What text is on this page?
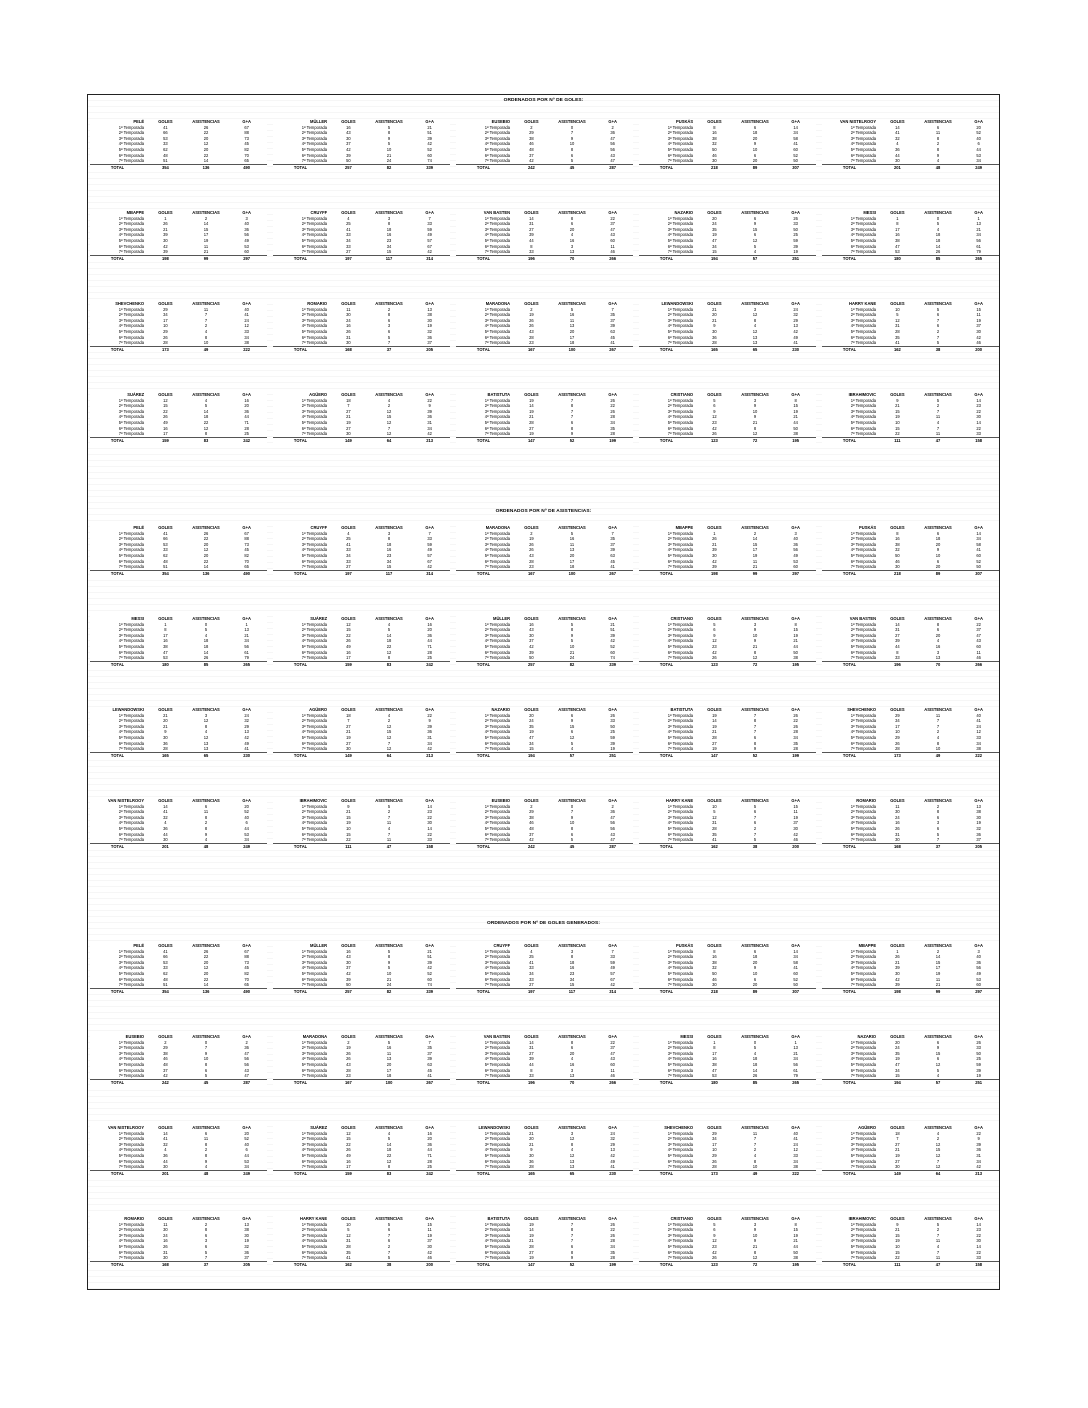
ORDENADOS POR Nº DE GOLES:
PELÉ	GOLES	ASISTENCIAS	G+A
1ª Temporada	41	26	67
2ª Temporada	66	22	88
3ª Temporada	53	20	73
4ª Temporada	33	12	45
5ª Temporada	62	20	82
6ª Temporada	48	22	70
7ª Temporada	51	14	65
TOTAL	354	136	490
MÜLLER	GOLES	ASISTENCIAS	G+A
1ª Temporada	16	5	21
2ª Temporada	43	8	51
3ª Temporada	30	9	39
4ª Temporada	37	5	42
5ª Temporada	42	10	52
6ª Temporada	39	21	60
7ª Temporada	50	24	74
TOTAL	257	82	339
EUSEBIO	GOLES	ASISTENCIAS	G+A
1ª Temporada	2	0	2
2ª Temporada	29	7	36
3ª Temporada	38	9	47
4ª Temporada	46	10	56
5ª Temporada	48	8	56
6ª Temporada	37	6	43
7ª Temporada	42	5	47
TOTAL	242	45	287
PUSKÁS	GOLES	ASISTENCIAS	G+A
1ª Temporada	8	6	14
2ª Temporada	16	18	34
3ª Temporada	38	20	58
4ª Temporada	32	9	41
5ª Temporada	50	10	60
6ª Temporada	46	6	52
7ª Temporada	30	20	50
TOTAL	218	89	307
VAN NISTELROOY	GOLES	ASISTENCIAS	G+A
1ª Temporada	14	6	20
2ª Temporada	41	11	52
3ª Temporada	32	8	40
4ª Temporada	4	2	6
5ª Temporada	36	8	44
6ª Temporada	44	9	53
7ª Temporada	30	4	34
TOTAL	201	48	249
MBAPPE	GOLES	ASISTENCIAS	G+A
1ª Temporada	1	2	3
2ª Temporada	26	14	40
3ª Temporada	21	15	36
4ª Temporada	39	17	56
5ª Temporada	30	19	49
6ª Temporada	42	11	53
7ª Temporada	39	21	60
TOTAL	198	99	297
CRUYFF	GOLES	ASISTENCIAS	G+A
1ª Temporada	4	3	7
2ª Temporada	25	8	33
3ª Temporada	41	18	59
4ª Temporada	33	16	49
5ª Temporada	34	23	57
6ª Temporada	33	34	67
7ª Temporada	27	15	42
TOTAL	197	117	314
VAN BASTEN	GOLES	ASISTENCIAS	G+A
1ª Temporada	14	8	22
2ª Temporada	31	6	37
3ª Temporada	27	20	47
4ª Temporada	39	4	43
5ª Temporada	44	16	60
6ª Temporada	8	3	11
7ª Temporada	33	13	46
TOTAL	196	70	266
NAZARIO	GOLES	ASISTENCIAS	G+A
1ª Temporada	20	6	26
2ª Temporada	24	9	33
3ª Temporada	35	15	50
4ª Temporada	19	6	25
5ª Temporada	47	12	59
6ª Temporada	34	5	39
7ª Temporada	15	4	19
TOTAL	194	57	251
MESSI	GOLES	ASISTENCIAS	G+A
1ª Temporada	1	0	1
2ª Temporada	8	5	13
3ª Temporada	17	4	21
4ª Temporada	16	18	34
5ª Temporada	38	18	56
6ª Temporada	47	14	61
7ª Temporada	53	26	79
TOTAL	180	85	265
SHEVCHENKO	GOLES	ASISTENCIAS	G+A
1ª Temporada	29	11	40
2ª Temporada	34	7	41
3ª Temporada	17	7	24
4ª Temporada	10	2	12
5ª Temporada	29	4	33
6ª Temporada	26	8	34
7ª Temporada	28	10	38
TOTAL	173	49	222
ROMARIO	GOLES	ASISTENCIAS	G+A
1ª Temporada	11	2	13
2ª Temporada	30	8	38
3ª Temporada	24	6	30
4ª Temporada	16	3	19
5ª Temporada	26	6	32
6ª Temporada	31	5	36
7ª Temporada	30	7	37
TOTAL	168	37	205
MARADONA	GOLES	ASISTENCIAS	G+A
1ª Temporada	2	5	7
2ª Temporada	19	16	35
3ª Temporada	26	11	37
4ª Temporada	26	13	39
5ª Temporada	43	20	63
6ª Temporada	28	17	45
7ª Temporada	23	18	41
TOTAL	167	100	267
LEWANDOWSKI	GOLES	ASISTENCIAS	G+A
1ª Temporada	21	3	24
2ª Temporada	20	12	32
3ª Temporada	21	8	29
4ª Temporada	9	4	13
5ª Temporada	30	12	42
6ª Temporada	36	13	49
7ª Temporada	28	13	41
TOTAL	165	65	230
HARRY KANE	GOLES	ASISTENCIAS	G+A
1ª Temporada	10	5	15
2ª Temporada	5	6	11
3ª Temporada	12	7	19
4ª Temporada	31	6	37
5ª Temporada	28	2	30
6ª Temporada	35	7	42
7ª Temporada	41	5	46
TOTAL	162	38	200
SUÁREZ	GOLES	ASISTENCIAS	G+A
1ª Temporada	12	4	16
2ª Temporada	15	5	20
3ª Temporada	22	14	36
4ª Temporada	26	18	44
5ª Temporada	49	22	71
6ª Temporada	16	12	28
7ª Temporada	17	8	25
TOTAL	159	83	242
AGÜERO	GOLES	ASISTENCIAS	G+A
1ª Temporada	18	4	22
2ª Temporada	7	2	9
3ª Temporada	27	12	39
4ª Temporada	21	15	36
5ª Temporada	19	12	31
6ª Temporada	27	7	34
7ª Temporada	30	12	42
TOTAL	149	64	213
BATISTUTA	GOLES	ASISTENCIAS	G+A
1ª Temporada	19	7	26
2ª Temporada	14	8	22
3ª Temporada	19	7	26
4ª Temporada	21	7	28
5ª Temporada	28	6	34
6ª Temporada	27	8	35
7ª Temporada	19	9	28
TOTAL	147	52	199
CRISTIANO	GOLES	ASISTENCIAS	G+A
1ª Temporada	5	3	8
2ª Temporada	6	9	15
3ª Temporada	9	10	19
4ª Temporada	12	9	21
5ª Temporada	23	21	44
6ª Temporada	42	8	50
7ª Temporada	26	12	38
TOTAL	123	72	195
IBRAHIMOVIC	GOLES	ASISTENCIAS	G+A
1ª Temporada	9	5	14
2ª Temporada	21	2	23
3ª Temporada	15	7	22
4ª Temporada	19	11	30
5ª Temporada	10	4	14
6ª Temporada	15	7	22
7ª Temporada	22	11	33
TOTAL	111	47	158
ORDENADOS POR Nº DE ASISTENCIAS:
PELÉ	GOLES	ASISTENCIAS	G+A
1ª Temporada	41	26	67
2ª Temporada	66	22	88
3ª Temporada	53	20	73
4ª Temporada	33	12	45
5ª Temporada	62	20	82
6ª Temporada	48	22	70
7ª Temporada	51	14	65
TOTAL	354	136	490
CRUYFF	GOLES	ASISTENCIAS	G+A
1ª Temporada	4	3	7
2ª Temporada	25	8	33
3ª Temporada	41	18	59
4ª Temporada	33	16	49
5ª Temporada	34	23	57
6ª Temporada	33	34	67
7ª Temporada	27	15	42
TOTAL	197	117	314
MARADONA	GOLES	ASISTENCIAS	G+A
1ª Temporada	2	5	7
2ª Temporada	19	16	35
3ª Temporada	26	11	37
4ª Temporada	26	13	39
5ª Temporada	43	20	63
6ª Temporada	28	17	45
7ª Temporada	23	18	41
TOTAL	167	100	267
MBAPPE	GOLES	ASISTENCIAS	G+A
1ª Temporada	1	2	3
2ª Temporada	26	14	40
3ª Temporada	21	15	36
4ª Temporada	39	17	56
5ª Temporada	30	19	49
6ª Temporada	42	11	53
7ª Temporada	39	21	60
TOTAL	198	99	297
PUSKÁS	GOLES	ASISTENCIAS	G+A
1ª Temporada	8	6	14
2ª Temporada	16	18	34
3ª Temporada	38	20	58
4ª Temporada	32	9	41
5ª Temporada	50	10	60
6ª Temporada	46	6	52
7ª Temporada	30	20	50
TOTAL	218	89	307
MESSI	GOLES	ASISTENCIAS	G+A
1ª Temporada	1	0	1
2ª Temporada	8	5	13
3ª Temporada	17	4	21
4ª Temporada	16	18	34
5ª Temporada	38	18	56
6ª Temporada	47	14	61
7ª Temporada	53	26	79
TOTAL	180	85	265
SUÁREZ	GOLES	ASISTENCIAS	G+A
1ª Temporada	12	4	16
2ª Temporada	15	5	20
3ª Temporada	22	14	36
4ª Temporada	26	18	44
5ª Temporada	49	22	71
6ª Temporada	16	12	28
7ª Temporada	17	8	25
TOTAL	159	83	242
MÜLLER	GOLES	ASISTENCIAS	G+A
1ª Temporada	16	5	21
2ª Temporada	43	8	51
3ª Temporada	30	9	39
4ª Temporada	37	5	42
5ª Temporada	42	10	52
6ª Temporada	39	21	60
7ª Temporada	50	24	74
TOTAL	257	82	339
CRISTIANO	GOLES	ASISTENCIAS	G+A
1ª Temporada	5	3	8
2ª Temporada	6	9	15
3ª Temporada	9	10	19
4ª Temporada	12	9	21
5ª Temporada	23	21	44
6ª Temporada	42	8	50
7ª Temporada	26	12	38
TOTAL	123	72	195
VAN BASTEN	GOLES	ASISTENCIAS	G+A
1ª Temporada	14	8	22
2ª Temporada	31	6	37
3ª Temporada	27	20	47
4ª Temporada	39	4	43
5ª Temporada	44	16	60
6ª Temporada	8	3	11
7ª Temporada	33	13	46
TOTAL	196	70	266
LEWANDOWSKI	GOLES	ASISTENCIAS	G+A
1ª Temporada	21	3	24
2ª Temporada	20	12	32
3ª Temporada	21	8	29
4ª Temporada	9	4	13
5ª Temporada	30	12	42
6ª Temporada	36	13	49
7ª Temporada	28	13	41
TOTAL	165	65	230
AGÜERO	GOLES	ASISTENCIAS	G+A
1ª Temporada	18	4	22
2ª Temporada	7	2	9
3ª Temporada	27	12	39
4ª Temporada	21	15	36
5ª Temporada	19	12	31
6ª Temporada	27	7	34
7ª Temporada	30	12	42
TOTAL	149	64	213
NAZARIO	GOLES	ASISTENCIAS	G+A
1ª Temporada	20	6	26
2ª Temporada	24	9	33
3ª Temporada	35	15	50
4ª Temporada	19	6	25
5ª Temporada	47	12	59
6ª Temporada	34	5	39
7ª Temporada	15	4	19
TOTAL	194	57	251
BATISTUTA	GOLES	ASISTENCIAS	G+A
1ª Temporada	19	7	26
2ª Temporada	14	8	22
3ª Temporada	19	7	26
4ª Temporada	21	7	28
5ª Temporada	28	6	34
6ª Temporada	27	8	35
7ª Temporada	19	9	28
TOTAL	147	52	199
SHEVCHENKO	GOLES	ASISTENCIAS	G+A
1ª Temporada	29	11	40
2ª Temporada	34	7	41
3ª Temporada	17	7	24
4ª Temporada	10	2	12
5ª Temporada	29	4	33
6ª Temporada	26	8	34
7ª Temporada	28	10	38
TOTAL	173	49	222
VAN NISTELROOY	GOLES	ASISTENCIAS	G+A
1ª Temporada	14	6	20
2ª Temporada	41	11	52
3ª Temporada	32	8	40
4ª Temporada	4	2	6
5ª Temporada	36	8	44
6ª Temporada	44	9	53
7ª Temporada	30	4	34
TOTAL	201	48	249
IBRAHIMOVIC	GOLES	ASISTENCIAS	G+A
1ª Temporada	9	5	14
2ª Temporada	21	2	23
3ª Temporada	15	7	22
4ª Temporada	19	11	30
5ª Temporada	10	4	14
6ª Temporada	15	7	22
7ª Temporada	22	11	33
TOTAL	111	47	158
EUSEBIO	GOLES	ASISTENCIAS	G+A
1ª Temporada	2	0	2
2ª Temporada	29	7	36
3ª Temporada	38	9	47
4ª Temporada	46	10	56
5ª Temporada	48	8	56
6ª Temporada	37	6	43
7ª Temporada	42	5	47
TOTAL	242	45	287
HARRY KANE	GOLES	ASISTENCIAS	G+A
1ª Temporada	10	5	15
2ª Temporada	5	6	11
3ª Temporada	12	7	19
4ª Temporada	31	6	37
5ª Temporada	28	2	30
6ª Temporada	35	7	42
7ª Temporada	41	5	46
TOTAL	162	38	200
ROMARIO	GOLES	ASISTENCIAS	G+A
1ª Temporada	11	2	13
2ª Temporada	30	8	38
3ª Temporada	24	6	30
4ª Temporada	16	3	19
5ª Temporada	26	6	32
6ª Temporada	31	5	36
7ª Temporada	30	7	37
TOTAL	168	37	205
ORDENADOS POR Nº DE GOLES GENERADOS:
PELÉ	GOLES	ASISTENCIAS	G+A
1ª Temporada	41	26	67
2ª Temporada	66	22	88
3ª Temporada	53	20	73
4ª Temporada	33	12	45
5ª Temporada	62	20	82
6ª Temporada	48	22	70
7ª Temporada	51	14	65
TOTAL	354	136	490
MÜLLER	GOLES	ASISTENCIAS	G+A
1ª Temporada	16	5	21
2ª Temporada	43	8	51
3ª Temporada	30	9	39
4ª Temporada	37	5	42
5ª Temporada	42	10	52
6ª Temporada	39	21	60
7ª Temporada	50	24	74
TOTAL	257	82	339
CRUYFF	GOLES	ASISTENCIAS	G+A
1ª Temporada	4	3	7
2ª Temporada	25	8	33
3ª Temporada	41	18	59
4ª Temporada	33	16	49
5ª Temporada	34	23	57
6ª Temporada	33	34	67
7ª Temporada	27	15	42
TOTAL	197	117	314
PUSKÁS	GOLES	ASISTENCIAS	G+A
1ª Temporada	8	6	14
2ª Temporada	16	18	34
3ª Temporada	38	20	58
4ª Temporada	32	9	41
5ª Temporada	50	10	60
6ª Temporada	46	6	52
7ª Temporada	30	20	50
TOTAL	218	89	307
MBAPPE	GOLES	ASISTENCIAS	G+A
1ª Temporada	1	2	3
2ª Temporada	26	14	40
3ª Temporada	21	15	36
4ª Temporada	39	17	56
5ª Temporada	30	19	49
6ª Temporada	42	11	53
7ª Temporada	39	21	60
TOTAL	198	99	297
EUSEBIO	GOLES	ASISTENCIAS	G+A
1ª Temporada	2	0	2
2ª Temporada	29	7	36
3ª Temporada	38	9	47
4ª Temporada	46	10	56
5ª Temporada	48	8	56
6ª Temporada	37	6	43
7ª Temporada	42	5	47
TOTAL	242	45	287
MARADONA	GOLES	ASISTENCIAS	G+A
1ª Temporada	2	5	7
2ª Temporada	19	16	35
3ª Temporada	26	11	37
4ª Temporada	26	13	39
5ª Temporada	43	20	63
6ª Temporada	28	17	45
7ª Temporada	23	18	41
TOTAL	167	100	267
VAN BASTEN	GOLES	ASISTENCIAS	G+A
1ª Temporada	14	8	22
2ª Temporada	31	6	37
3ª Temporada	27	20	47
4ª Temporada	39	4	43
5ª Temporada	44	16	60
6ª Temporada	8	3	11
7ª Temporada	33	13	46
TOTAL	196	70	266
MESSI	GOLES	ASISTENCIAS	G+A
1ª Temporada	1	0	1
2ª Temporada	8	5	13
3ª Temporada	17	4	21
4ª Temporada	16	18	34
5ª Temporada	38	18	56
6ª Temporada	47	14	61
7ª Temporada	53	26	79
TOTAL	180	85	265
NAZARIO	GOLES	ASISTENCIAS	G+A
1ª Temporada	20	6	26
2ª Temporada	24	9	33
3ª Temporada	35	15	50
4ª Temporada	19	6	25
5ª Temporada	47	12	59
6ª Temporada	34	5	39
7ª Temporada	15	4	19
TOTAL	194	57	251
VAN NISTELROOY	GOLES	ASISTENCIAS	G+A
1ª Temporada	14	6	20
2ª Temporada	41	11	52
3ª Temporada	32	8	40
4ª Temporada	4	2	6
5ª Temporada	36	8	44
6ª Temporada	44	9	53
7ª Temporada	30	4	34
TOTAL	201	48	249
SUÁREZ	GOLES	ASISTENCIAS	G+A
1ª Temporada	12	4	16
2ª Temporada	15	5	20
3ª Temporada	22	14	36
4ª Temporada	26	18	44
5ª Temporada	49	22	71
6ª Temporada	16	12	28
7ª Temporada	17	8	25
TOTAL	159	83	242
LEWANDOWSKI	GOLES	ASISTENCIAS	G+A
1ª Temporada	21	3	24
2ª Temporada	20	12	32
3ª Temporada	21	8	29
4ª Temporada	9	4	13
5ª Temporada	30	12	42
6ª Temporada	36	13	49
7ª Temporada	28	13	41
TOTAL	165	65	230
SHEVCHENKO	GOLES	ASISTENCIAS	G+A
1ª Temporada	29	11	40
2ª Temporada	34	7	41
3ª Temporada	17	7	24
4ª Temporada	10	2	12
5ª Temporada	29	4	33
6ª Temporada	26	8	34
7ª Temporada	28	10	38
TOTAL	173	49	222
AGÜERO	GOLES	ASISTENCIAS	G+A
1ª Temporada	18	4	22
2ª Temporada	7	2	9
3ª Temporada	27	12	39
4ª Temporada	21	15	36
5ª Temporada	19	12	31
6ª Temporada	27	7	34
7ª Temporada	30	12	42
TOTAL	149	64	213
ROMARIO	GOLES	ASISTENCIAS	G+A
1ª Temporada	11	2	13
2ª Temporada	30	8	38
3ª Temporada	24	6	30
4ª Temporada	16	3	19
5ª Temporada	26	6	32
6ª Temporada	31	5	36
7ª Temporada	30	7	37
TOTAL	168	37	205
HARRY KANE	GOLES	ASISTENCIAS	G+A
1ª Temporada	10	5	15
2ª Temporada	5	6	11
3ª Temporada	12	7	19
4ª Temporada	31	6	37
5ª Temporada	28	2	30
6ª Temporada	35	7	42
7ª Temporada	41	5	46
TOTAL	162	38	200
BATISTUTA	GOLES	ASISTENCIAS	G+A
1ª Temporada	19	7	26
2ª Temporada	14	8	22
3ª Temporada	19	7	26
4ª Temporada	21	7	28
5ª Temporada	28	6	34
6ª Temporada	27	8	35
7ª Temporada	19	9	28
TOTAL	147	52	199
CRISTIANO	GOLES	ASISTENCIAS	G+A
1ª Temporada	5	3	8
2ª Temporada	6	9	15
3ª Temporada	9	10	19
4ª Temporada	12	9	21
5ª Temporada	23	21	44
6ª Temporada	42	8	50
7ª Temporada	26	12	38
TOTAL	123	72	195
IBRAHIMOVIC	GOLES	ASISTENCIAS	G+A
1ª Temporada	9	5	14
2ª Temporada	21	2	23
3ª Temporada	15	7	22
4ª Temporada	19	11	30
5ª Temporada	10	4	14
6ª Temporada	15	7	22
7ª Temporada	22	11	33
TOTAL	111	47	158
